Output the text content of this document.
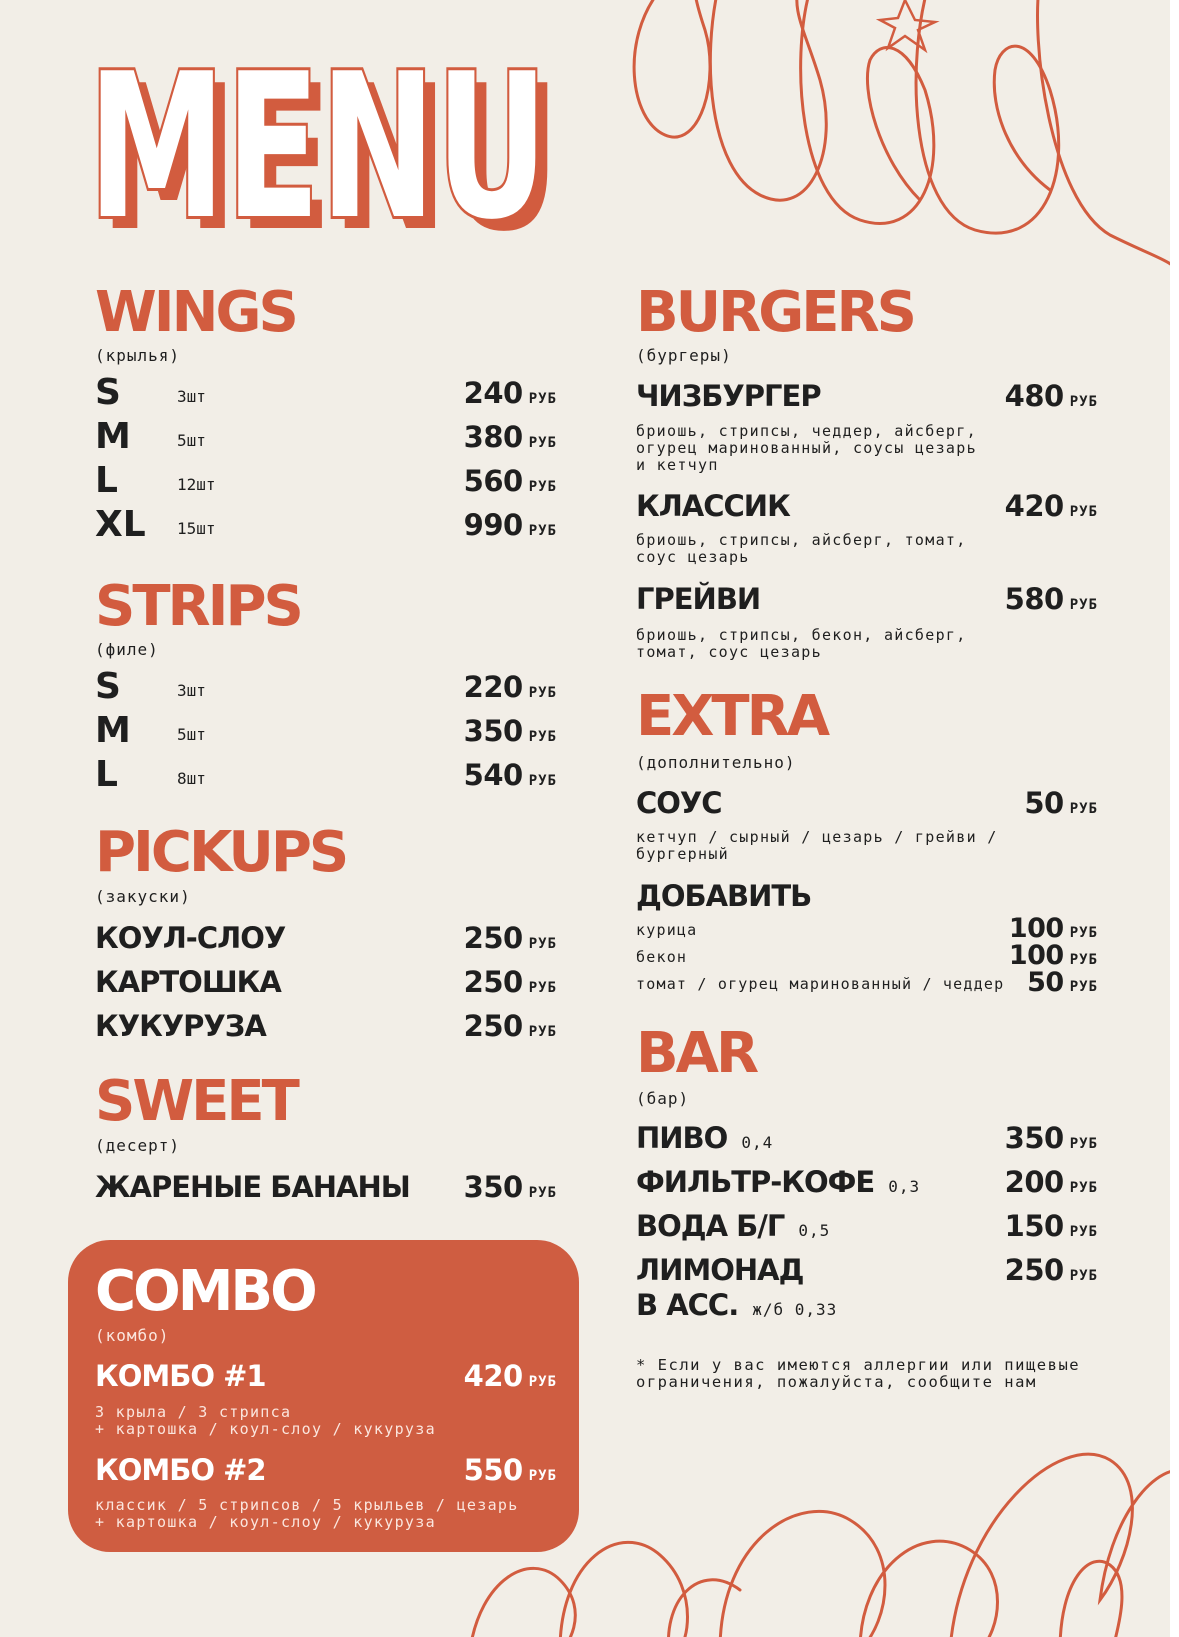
MENU
MENU
WINGS
(крылья)
S	3шт	240 РУБ
M	5шт	380 РУБ
L	12шт	560 РУБ
XL 15шт	990 РУБ
STRIPS
(филе)
S	3шт	220 РУБ
M	5шт	350 РУБ
L	8шт	540 РУБ
PICKUPS
(закуски)
КОУЛ-СЛОУ	250 РУБ
КАРТОШКА	250 РУБ
КУКУРУЗА	250 РУБ
SWEET
(десерт)
ЖАРЕНЫЕ БАНАНЫ 350 РУБ
COMBO
(комбо)
КОМБО #1	420 РУБ
3 крыла / 3 стрипса
+ картошка / коул-слоу / кукуруза
КОМБО #2	550 РУБ
классик / 5 стрипсов / 5 крыльев / цезарь
+ картошка / коул-слоу / кукуруза
BURGERS
(бургеры)
ЧИЗБУРГЕР	480 РУБ
бриошь, стрипсы, чеддер, айсберг,
огурец маринованный, соусы цезарь
и кетчуп
КЛАССИК	420 РУБ
бриошь, стрипсы, айсберг, томат,
соус цезарь
ГРЕЙВИ	580 РУБ
бриошь, стрипсы, бекон, айсберг,
томат, соус цезарь
EXTRA
(дополнительно)
СОУС	50 РУБ
кетчуп / сырный / цезарь / грейви /
бургерный
ДОБАВИТЬ
курица	100 РУБ
бекон	100 РУБ
томат / огурец маринованный / чеддер 50 РУБ
BAR
(бар)
ПИВО 0,4	350 РУБ
ФИЛЬТР-КОФЕ 0,3	200 РУБ
ВОДА Б/Г 0,5	150 РУБ
ЛИМОНАД	250 РУБ
В АСС. ж/б 0,33
* Если у вас имеются аллергии или пищевые
ограничения, пожалуйста, сообщите нам
